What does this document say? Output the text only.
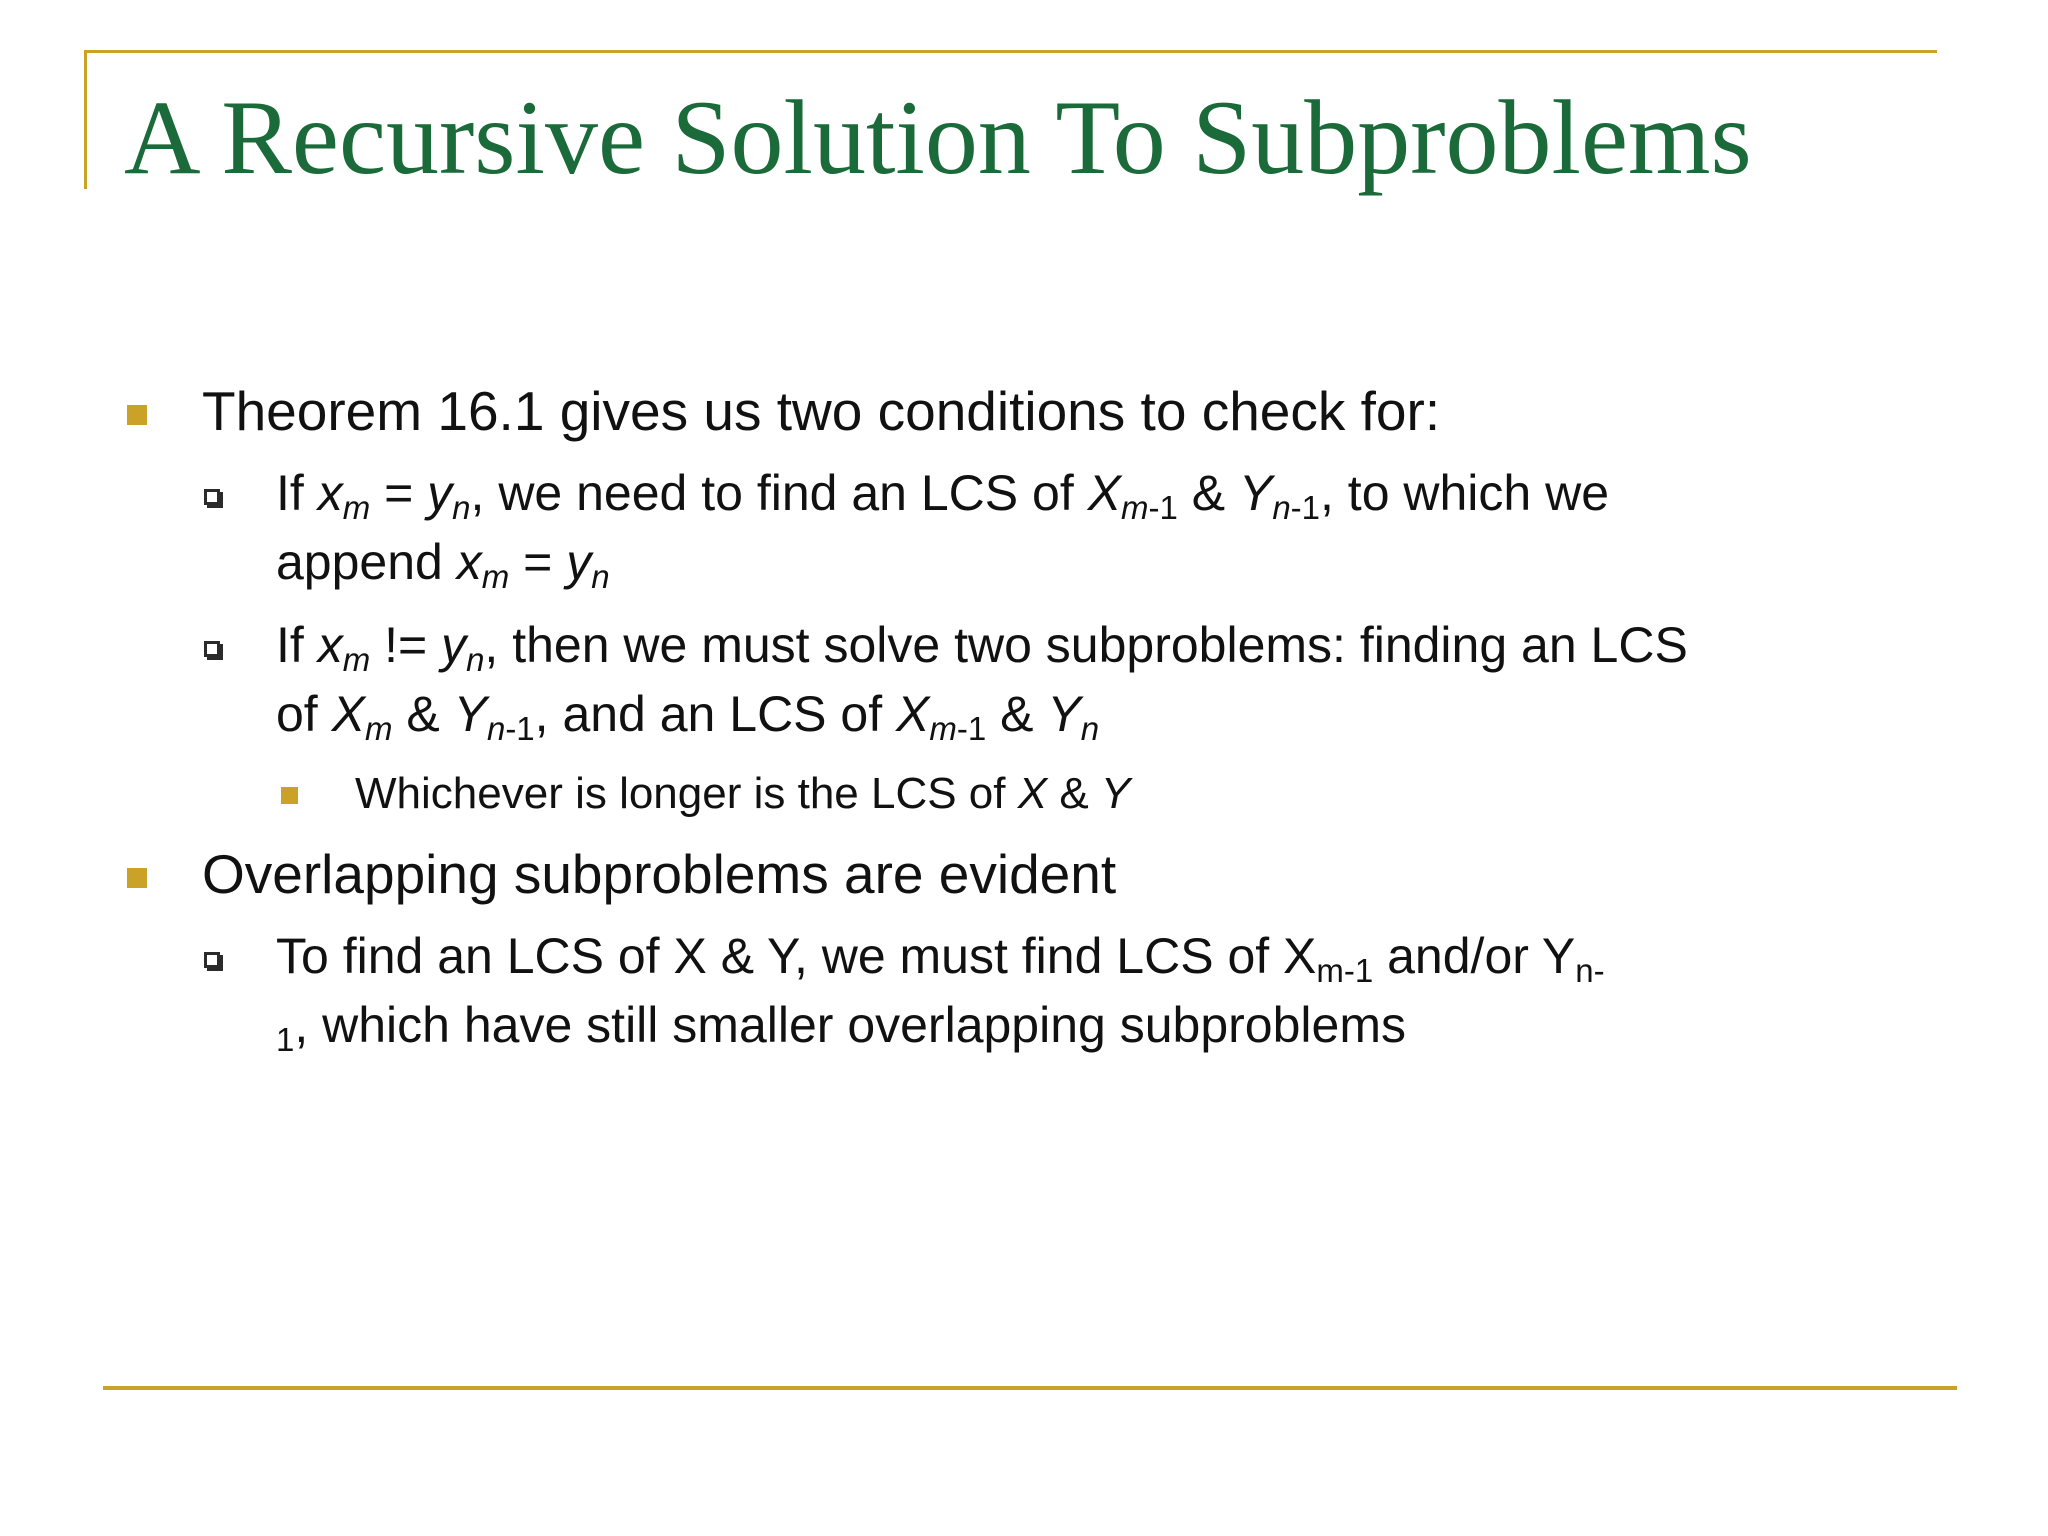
A Recursive Solution To Subproblems
Theorem 16.1 gives us two conditions to check for:
If $x_m = y_n$, we need to find an LCS of $X_{m-1}$ & $Y_{n-1}$, to which we
append $x_m = y_n$
If $x_m$ != $y_n$, then we must solve two subproblems: finding an LCS
of $X_m$ & $Y_{n-1}$, and an LCS of $X_{m-1}$ & $Y_n$
Whichever is longer is the LCS of X & Y
Overlapping subproblems are evident
To find an LCS of X & Y, we must find LCS of $X_{m-1}$ and/or $Y_{n-}$
$_1$, which have still smaller overlapping subproblems
